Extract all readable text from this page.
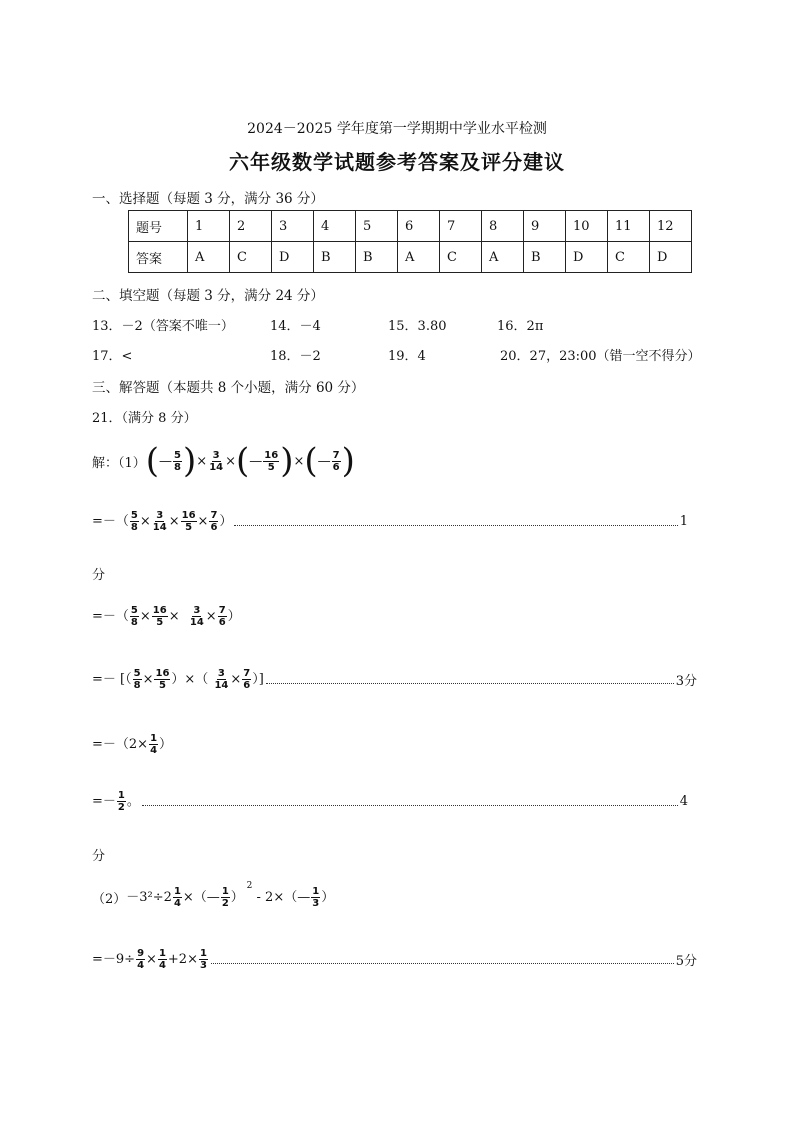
2024－2025 学年度第一学期期中学业水平检测
六年级数学试题参考答案及评分建议
一、选择题（每题 3 分，满分 36 分）
题号	1	2	3	4	5	6	7	8	9	10	11	12
答案	A	C	D	B	B	A	C	A	B	D	C	D
二、填空题（每题 3 分，满分 24 分）
13．－2（答案不唯一）	14．－4	15．3.80	16．2π
17．<	18．－2	19．4	20．27，23:00（错一空不得分）
三、解答题（本题共 8 个小题，满分 60 分）
21．（满分 8 分）
解：（1） ( — $\frac{5}{8}$ ) × $\frac{3}{14}$ × ( — $\frac{16}{5}$ ) × ( — $\frac{7}{6}$ )
=－（ $\frac{5}{8} \times \frac{3}{14} \times \frac{16}{5} \times \frac{7}{6}$ ）	1
分
=－（ $\frac{5}{8} \times \frac{16}{5} \times \frac{3}{14} \times \frac{7}{6}$ ）
=－ [（ $\frac{5}{8} \times \frac{16}{5}$ ）×（ $\frac{3}{14} \times \frac{7}{6}$ ）]	3分
$=-(2\times \frac{1}{4}$ ）
=－ $\frac{1}{2}$ 。	4
分
$(2) -3^2\div 2 \frac{1}{4}$ ×（— $\frac{1}{2}$ ） $^2$ - 2×（— $\frac{1}{3}$ ）
$=-9\div \frac{9}{4} \times \frac{1}{4} +2\times \frac{1}{3}$	5分
